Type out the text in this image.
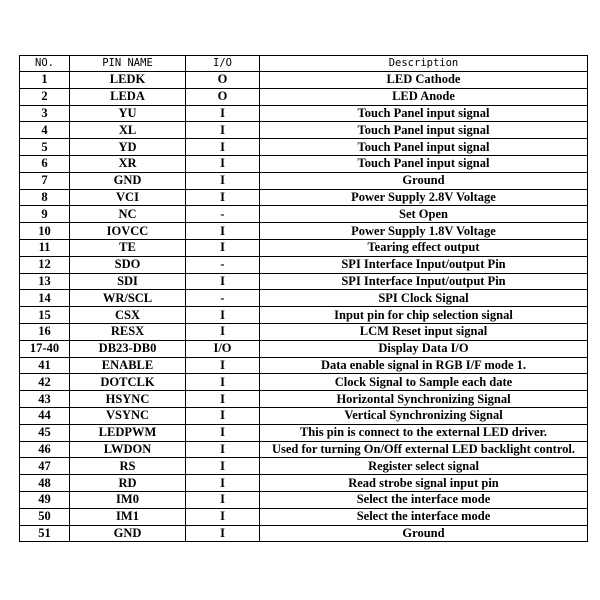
NO.	PIN NAME	I/O	Description
1	LEDK	O	LED Cathode
2	LEDA	O	LED Anode
3	YU	I	Touch Panel input signal
4	XL	I	Touch Panel input signal
5	YD	I	Touch Panel input signal
6	XR	I	Touch Panel input signal
7	GND	I	Ground
8	VCI	I	Power Supply 2.8V Voltage
9	NC	-	Set Open
10	IOVCC	I	Power Supply 1.8V Voltage
11	TE	I	Tearing effect output
12	SDO	-	SPI Interface Input/output Pin
13	SDI	I	SPI Interface Input/output Pin
14	WR/SCL	-	SPI Clock Signal
15	CSX	I	Input pin for chip selection signal
16	RESX	I	LCM Reset input signal
17-40	DB23-DB0	I/O	Display Data I/O
41	ENABLE	I	Data enable signal in RGB I/F mode 1.
42	DOTCLK	I	Clock Signal to Sample each date
43	HSYNC	I	Horizontal Synchronizing Signal
44	VSYNC	I	Vertical Synchronizing Signal
45	LEDPWM	I	This pin is connect to the external LED driver.
46	LWDON	I	Used for turning On/Off external LED backlight control.
47	RS	I	Register select signal
48	RD	I	Read strobe signal input pin
49	IM0	I	Select the interface mode
50	IM1	I	Select the interface mode
51	GND	I	Ground
